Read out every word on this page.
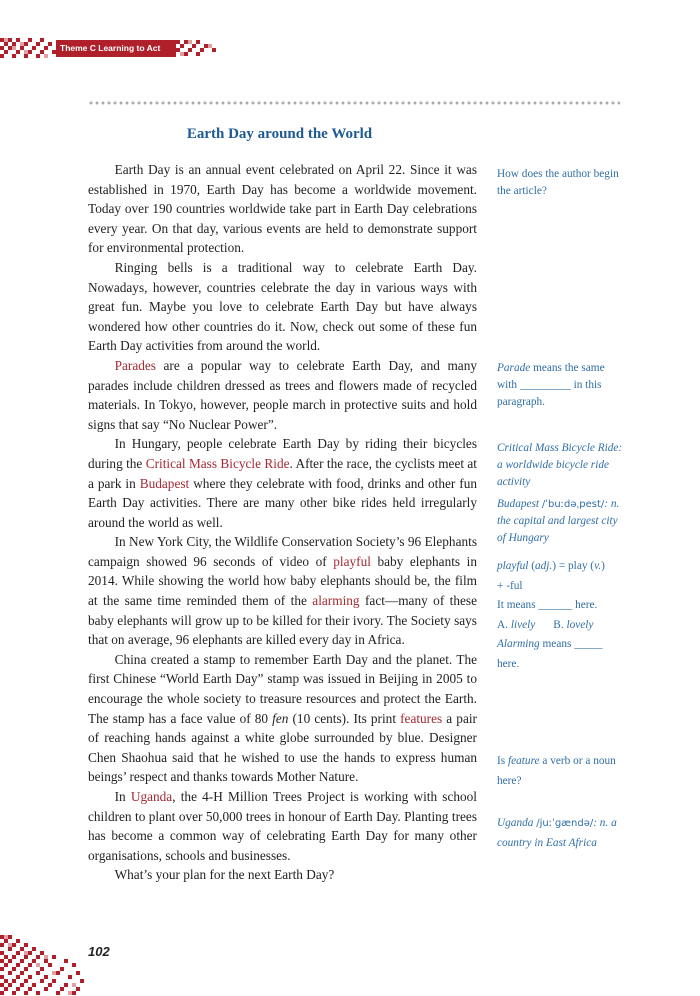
Theme C Learning to Act
Earth Day around the World

Earth Day is an annual event celebrated on April 22. Since it was established in 1970, Earth Day has become a worldwide movement. Today over 190 countries worldwide take part in Earth Day celebrations every year. On that day, various events are held to demonstrate support for environmental protection.

Ringing bells is a traditional way to celebrate Earth Day. Nowadays, however, countries celebrate the day in various ways with great fun. Maybe you love to celebrate Earth Day but have always wondered how other countries do it. Now, check out some of these fun Earth Day activities from around the world.

Parades are a popular way to celebrate Earth Day, and many parades include children dressed as trees and flowers made of recycled materials. In Tokyo, however, people march in protective suits and hold signs that say “No Nuclear Power”.

In Hungary, people celebrate Earth Day by riding their bicycles during the Critical Mass Bicycle Ride. After the race, the cyclists meet at a park in Budapest where they celebrate with food, drinks and other fun Earth Day activities. There are many other bike rides held irregularly around the world as well.

In New York City, the Wildlife Conservation Society’s 96 Elephants campaign showed 96 seconds of video of playful baby elephants in 2014. While showing the world how baby elephants should be, the film at the same time reminded them of the alarming fact—many of these baby elephants will grow up to be killed for their ivory. The Society says that on average, 96 elephants are killed every day in Africa.

China created a stamp to remember Earth Day and the planet. The first Chinese “World Earth Day” stamp was issued in Beijing in 2005 to encourage the whole society to treasure resources and protect the Earth. The stamp has a face value of 80 fen (10 cents). Its print features a pair of reaching hands against a white globe surrounded by blue. Designer Chen Shaohua said that he wished to use the hands to express human beings’ respect and thanks towards Mother Nature.

In Uganda, the 4-H Million Trees Project is working with school children to plant over 50,000 trees in honour of Earth Day. Planting trees has become a common way of celebrating Earth Day for many other organisations, schools and businesses.

What’s your plan for the next Earth Day?

How does the author begin the article?

Parade means the same with _________ in this paragraph.

Critical Mass Bicycle Ride: a worldwide bicycle ride activity

Budapest /ˈbuːdəˌpest/: n. the capital and largest city of Hungary

playful (adj.) = play (v.)

+ -ful

It means ______ here.

A. lively B. lovely

Alarming means _____ here.

Is feature a verb or a noun here?

Uganda /juːˈɡændə/: n. a country in East Africa

102
